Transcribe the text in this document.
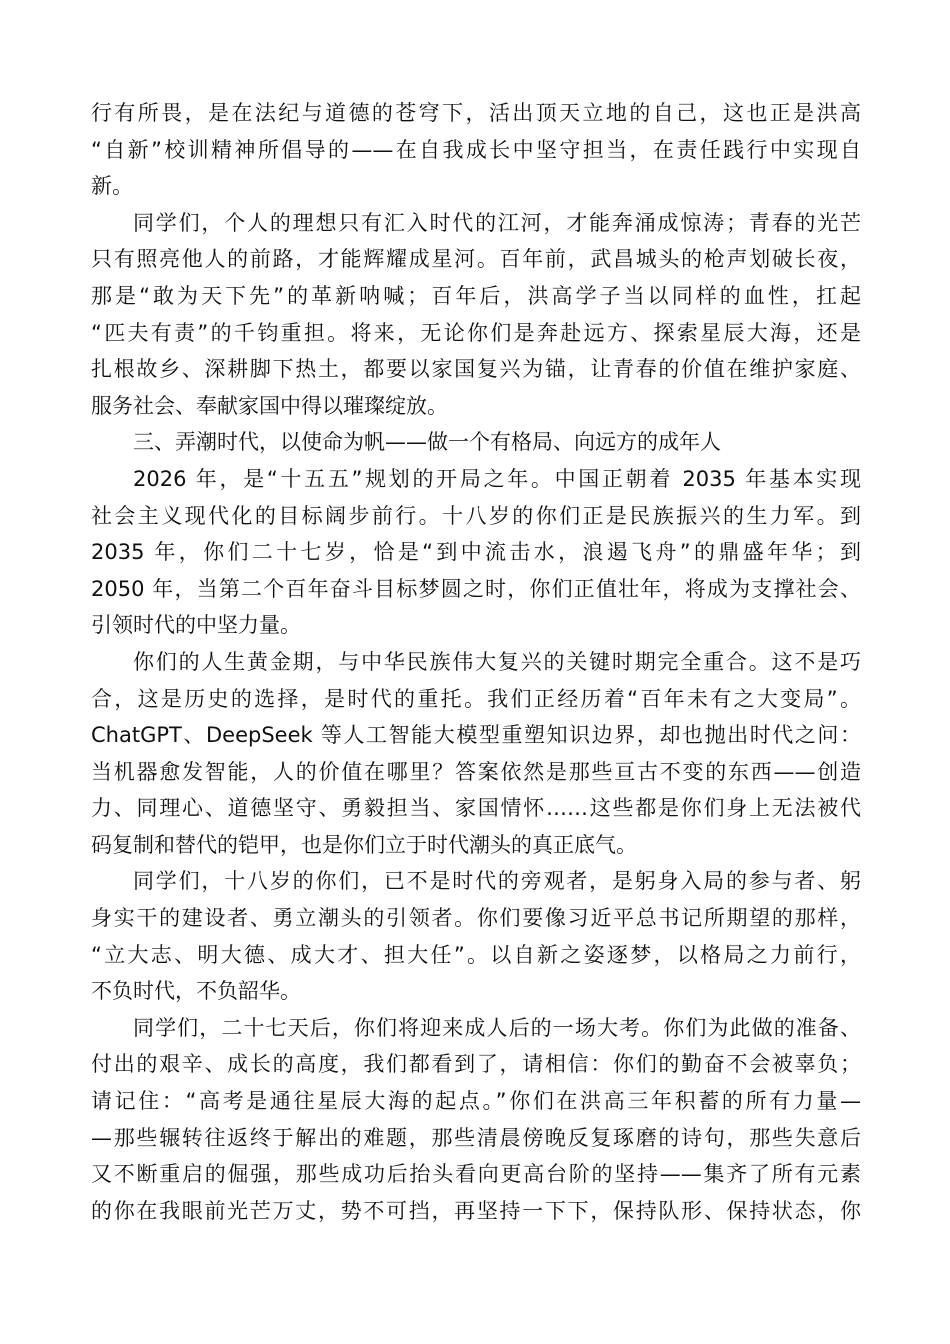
行有所畏，是在法纪与道德的苍穹下，活出顶天立地的自己，这也正是洪高
“自新”校训精神所倡导的——在自我成长中坚守担当，在责任践行中实现自
新。
同学们，个人的理想只有汇入时代的江河，才能奔涌成惊涛；青春的光芒
只有照亮他人的前路，才能辉耀成星河。百年前，武昌城头的枪声划破长夜，
那是“敢为天下先”的革新呐喊；百年后，洪高学子当以同样的血性，扛起
“匹夫有责”的千钧重担。将来，无论你们是奔赴远方、探索星辰大海，还是
扎根故乡、深耕脚下热土，都要以家国复兴为锚，让青春的价值在维护家庭、
服务社会、奉献家国中得以璀璨绽放。
三、弄潮时代，以使命为帆——做一个有格局、向远方的成年人
2026 年，是“十五五”规划的开局之年。中国正朝着 2035 年基本实现
社会主义现代化的目标阔步前行。十八岁的你们正是民族振兴的生力军。到
2035 年，你们二十七岁，恰是“到中流击水，浪遏飞舟”的鼎盛年华；到
2050 年，当第二个百年奋斗目标梦圆之时，你们正值壮年，将成为支撑社会、
引领时代的中坚力量。
你们的人生黄金期，与中华民族伟大复兴的关键时期完全重合。这不是巧
合，这是历史的选择，是时代的重托。我们正经历着“百年未有之大变局”。
ChatGPT、DeepSeek 等人工智能大模型重塑知识边界，却也抛出时代之问：
当机器愈发智能，人的价值在哪里？答案依然是那些亘古不变的东西——创造
力、同理心、道德坚守、勇毅担当、家国情怀……这些都是你们身上无法被代
码复制和替代的铠甲，也是你们立于时代潮头的真正底气。
同学们，十八岁的你们，已不是时代的旁观者，是躬身入局的参与者、躬
身实干的建设者、勇立潮头的引领者。你们要像习近平总书记所期望的那样，
“立大志、明大德、成大才、担大任”。以自新之姿逐梦，以格局之力前行，
不负时代，不负韶华。
同学们，二十七天后，你们将迎来成人后的一场大考。你们为此做的准备、
付出的艰辛、成长的高度，我们都看到了，请相信：你们的勤奋不会被辜负；
请记住：“高考是通往星辰大海的起点。”你们在洪高三年积蓄的所有力量—
—那些辗转往返终于解出的难题，那些清晨傍晚反复琢磨的诗句，那些失意后
又不断重启的倔强，那些成功后抬头看向更高台阶的坚持——集齐了所有元素
的你在我眼前光芒万丈，势不可挡，再坚持一下下，保持队形、保持状态，你
